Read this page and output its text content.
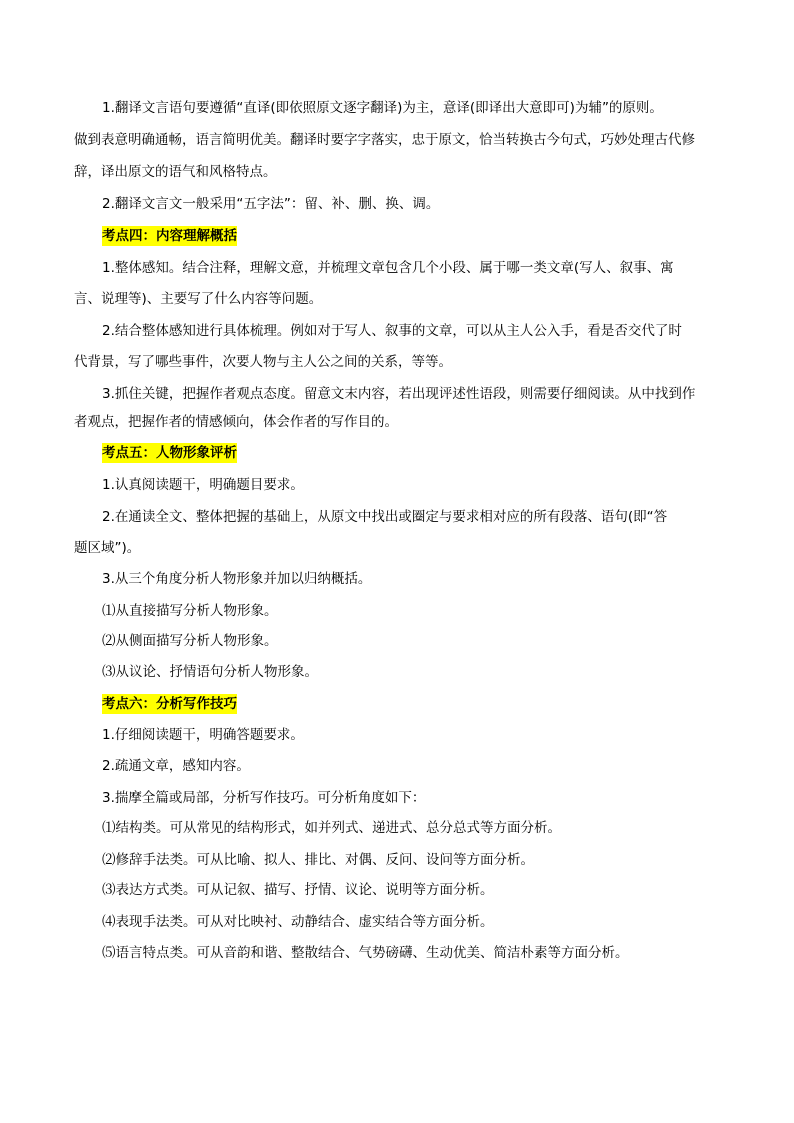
1.翻译文言语句要遵循“直译(即依照原文逐字翻译)为主，意译(即译出大意即可)为辅”的原则。
做到表意明确通畅，语言简明优美。翻译时要字字落实，忠于原文，恰当转换古今句式，巧妙处理古代修
辞，译出原文的语气和风格特点。
2.翻译文言文一般采用“五字法”：留、补、删、换、调。
考点四：内容理解概括
1.整体感知。结合注释，理解文意，并梳理文章包含几个小段、属于哪一类文章(写人、叙事、寓
言、说理等)、主要写了什么内容等问题。
2.结合整体感知进行具体梳理。例如对于写人、叙事的文章，可以从主人公入手，看是否交代了时
代背景，写了哪些事件，次要人物与主人公之间的关系，等等。
3.抓住关键，把握作者观点态度。留意文末内容，若出现评述性语段，则需要仔细阅读。从中找到作
者观点，把握作者的情感倾向，体会作者的写作目的。
考点五：人物形象评析
1.认真阅读题干，明确题目要求。
2.在通读全文、整体把握的基础上，从原文中找出或圈定与要求相对应的所有段落、语句(即“答
题区域”)。
3.从三个角度分析人物形象并加以归纳概括。
⑴从直接描写分析人物形象。
⑵从侧面描写分析人物形象。
⑶从议论、抒情语句分析人物形象。
考点六：分析写作技巧
1.仔细阅读题干，明确答题要求。
2.疏通文章，感知内容。
3.揣摩全篇或局部，分析写作技巧。可分析角度如下：
⑴结构类。可从常见的结构形式，如并列式、递进式、总分总式等方面分析。
⑵修辞手法类。可从比喻、拟人、排比、对偶、反问、设问等方面分析。
⑶表达方式类。可从记叙、描写、抒情、议论、说明等方面分析。
⑷表现手法类。可从对比映衬、动静结合、虚实结合等方面分析。
⑸语言特点类。可从音韵和谐、整散结合、气势磅礴、生动优美、简洁朴素等方面分析。
